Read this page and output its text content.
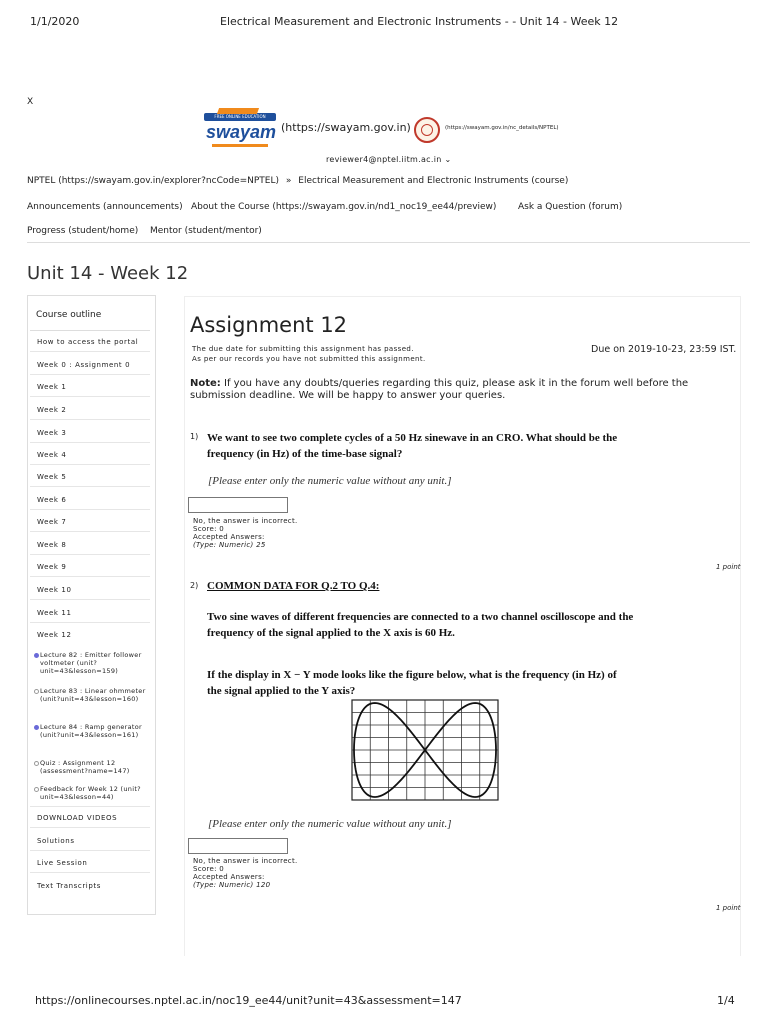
1/1/2020	Electrical Measurement and Electronic Instruments - - Unit 14 - Week 12
X
FREE ONLINE EDUCATION
swayam (https://swayam.gov.in)	(https://swayam.gov.in/nc_details/NPTEL)
reviewer4@nptel.iitm.ac.in ⌄
NPTEL (https://swayam.gov.in/explorer?ncCode=NPTEL) » Electrical Measurement and Electronic Instruments (course)
Announcements (announcements) About the Course (https://swayam.gov.in/nd1_noc19_ee44/preview) Ask a Question (forum)
Progress (student/home) Mentor (student/mentor)
Unit 14 - Week 12
Course outline
How to access the portal
Week 0 : Assignment 0
Week 1
Week 2
Week 3
Week 4
Week 5
Week 6
Week 7
Week 8
Week 9
Week 10
Week 11
Week 12
Lecture 82 : Emitter follower voltmeter (unit?unit=43&lesson=159)
Lecture 83 : Linear ohmmeter (unit?unit=43&lesson=160)
Lecture 84 : Ramp generator (unit?unit=43&lesson=161)
Quiz : Assignment 12 (assessment?name=147)
Feedback for Week 12 (unit?unit=43&lesson=44)
DOWNLOAD VIDEOS
Solutions
Live Session
Text Transcripts
Assignment 12
The due date for submitting this assignment has passed.
As per our records you have not submitted this assignment.
Due on 2019-10-23, 23:59 IST.
Note: If you have any doubts/queries regarding this quiz, please ask it in the forum well before the submission deadline. We will be happy to answer your queries.
1) We want to see two complete cycles of a 50 Hz sinewave in an CRO. What should be the
frequency (in Hz) of the time-base signal?
[Please enter only the numeric value without any unit.]
No, the answer is incorrect.
Score: 0
Accepted Answers:
(Type: Numeric) 25
1 point
2) COMMON DATA FOR Q.2 TO Q.4:
Two sine waves of different frequencies are connected to a two channel oscilloscope and the
frequency of the signal applied to the X axis is 60 Hz.
If the display in X − Y mode looks like the figure below, what is the frequency (in Hz) of
the signal applied to the Y axis?
[Please enter only the numeric value without any unit.]
No, the answer is incorrect.
Score: 0
Accepted Answers:
(Type: Numeric) 120
1 point
https://onlinecourses.nptel.ac.in/noc19_ee44/unit?unit=43&assessment=147	1/4
